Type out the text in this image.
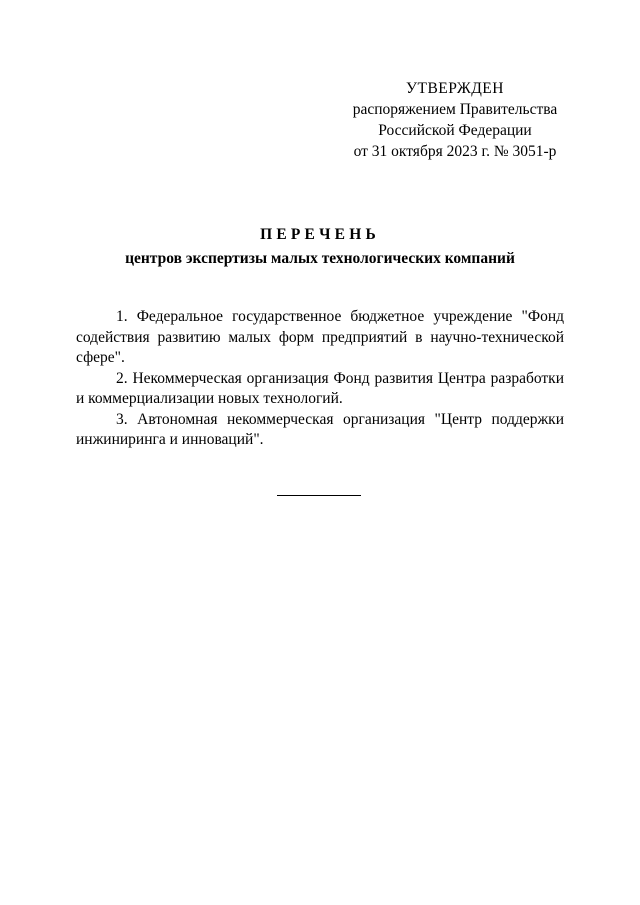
УТВЕРЖДЕН
распоряжением Правительства
Российской Федерации
от 31 октября 2023 г. № 3051-р
ПЕРЕЧЕНЬ
центров экспертизы малых технологических компаний

1. Федеральное государственное бюджетное учреждение "Фонд содействия развитию малых форм предприятий в научно-технической сфере".

2. Некоммерческая организация Фонд развития Центра разработки и коммерциализации новых технологий.

3. Автономная некоммерческая организация "Центр поддержки инжиниринга и инноваций".
